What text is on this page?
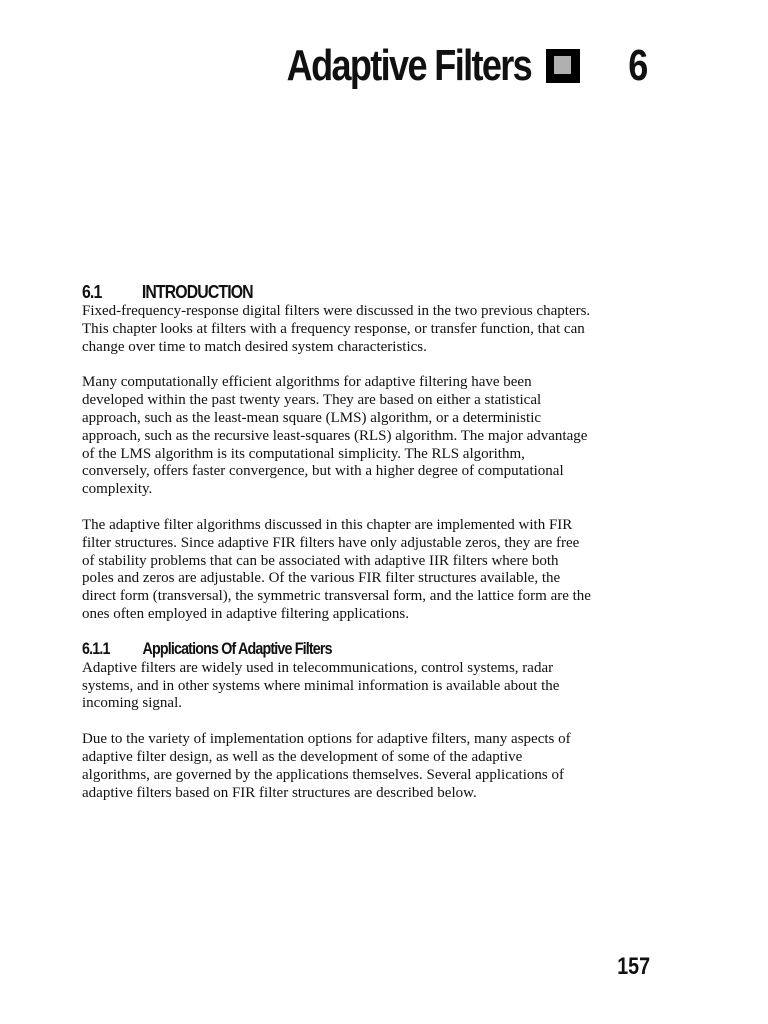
Adaptive Filters 6
6.1	INTRODUCTION

Fixed-frequency-response digital filters were discussed in the two previous chapters. This chapter looks at filters with a frequency response, or transfer function, that can change over time to match desired system characteristics.

Many computationally efficient algorithms for adaptive filtering have been developed within the past twenty years. They are based on either a statistical approach, such as the least-mean square (LMS) algorithm, or a deterministic approach, such as the recursive least-squares (RLS) algorithm. The major advantage of the LMS algorithm is its computational simplicity. The RLS algorithm, conversely, offers faster convergence, but with a higher degree of computational complexity.

The adaptive filter algorithms discussed in this chapter are implemented with FIR filter structures. Since adaptive FIR filters have only adjustable zeros, they are free of stability problems that can be associated with adaptive IIR filters where both poles and zeros are adjustable. Of the various FIR filter structures available, the direct form (transversal), the symmetric transversal form, and the lattice form are the ones often employed in adaptive filtering applications.

6.1.1	Applications Of Adaptive Filters

Adaptive filters are widely used in telecommunications, control systems, radar systems, and in other systems where minimal information is available about the incoming signal.

Due to the variety of implementation options for adaptive filters, many aspects of adaptive filter design, as well as the development of some of the adaptive algorithms, are governed by the applications themselves. Several applications of adaptive filters based on FIR filter structures are described below.

157
